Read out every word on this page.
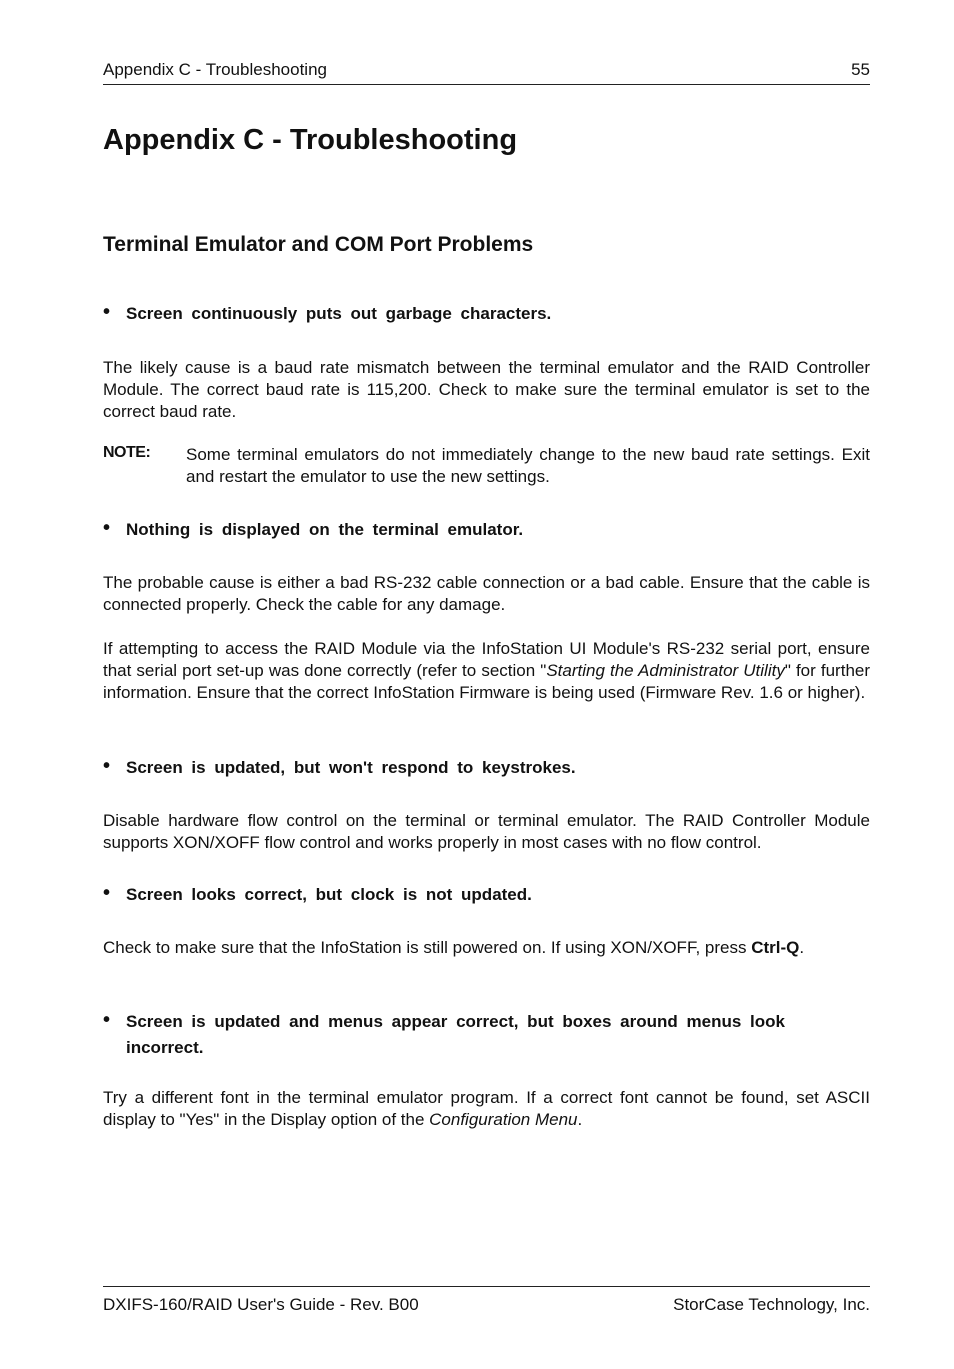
Appendix C - Troubleshooting	55
Appendix C - Troubleshooting
Terminal Emulator and COM Port Problems
• Screen continuously puts out garbage characters.

The likely cause is a baud rate mismatch between the terminal emulator and the RAID Controller Module. The correct baud rate is 115,200. Check to make sure the terminal emulator is set to the correct baud rate.

NOTE: Some terminal emulators do not immediately change to the new baud rate settings. Exit and restart the emulator to use the new settings.

• Nothing is displayed on the terminal emulator.

The probable cause is either a bad RS-232 cable connection or a bad cable. Ensure that the cable is connected properly. Check the cable for any damage.

If attempting to access the RAID Module via the InfoStation UI Module's RS-232 serial port, ensure that serial port set-up was done correctly (refer to section "Starting the Administrator Utility" for further information. Ensure that the correct InfoStation Firmware is being used (Firmware Rev. 1.6 or higher).

• Screen is updated, but won't respond to keystrokes.

Disable hardware flow control on the terminal or terminal emulator. The RAID Controller Module supports XON/XOFF flow control and works properly in most cases with no flow control.

• Screen looks correct, but clock is not updated.

Check to make sure that the InfoStation is still powered on. If using XON/XOFF, press Ctrl-Q.

• Screen is updated and menus appear correct, but boxes around menus look incorrect.

Try a different font in the terminal emulator program. If a correct font cannot be found, set ASCII display to "Yes" in the Display option of the Configuration Menu.

DXIFS-160/RAID User's Guide - Rev. B00	StorCase Technology, Inc.
